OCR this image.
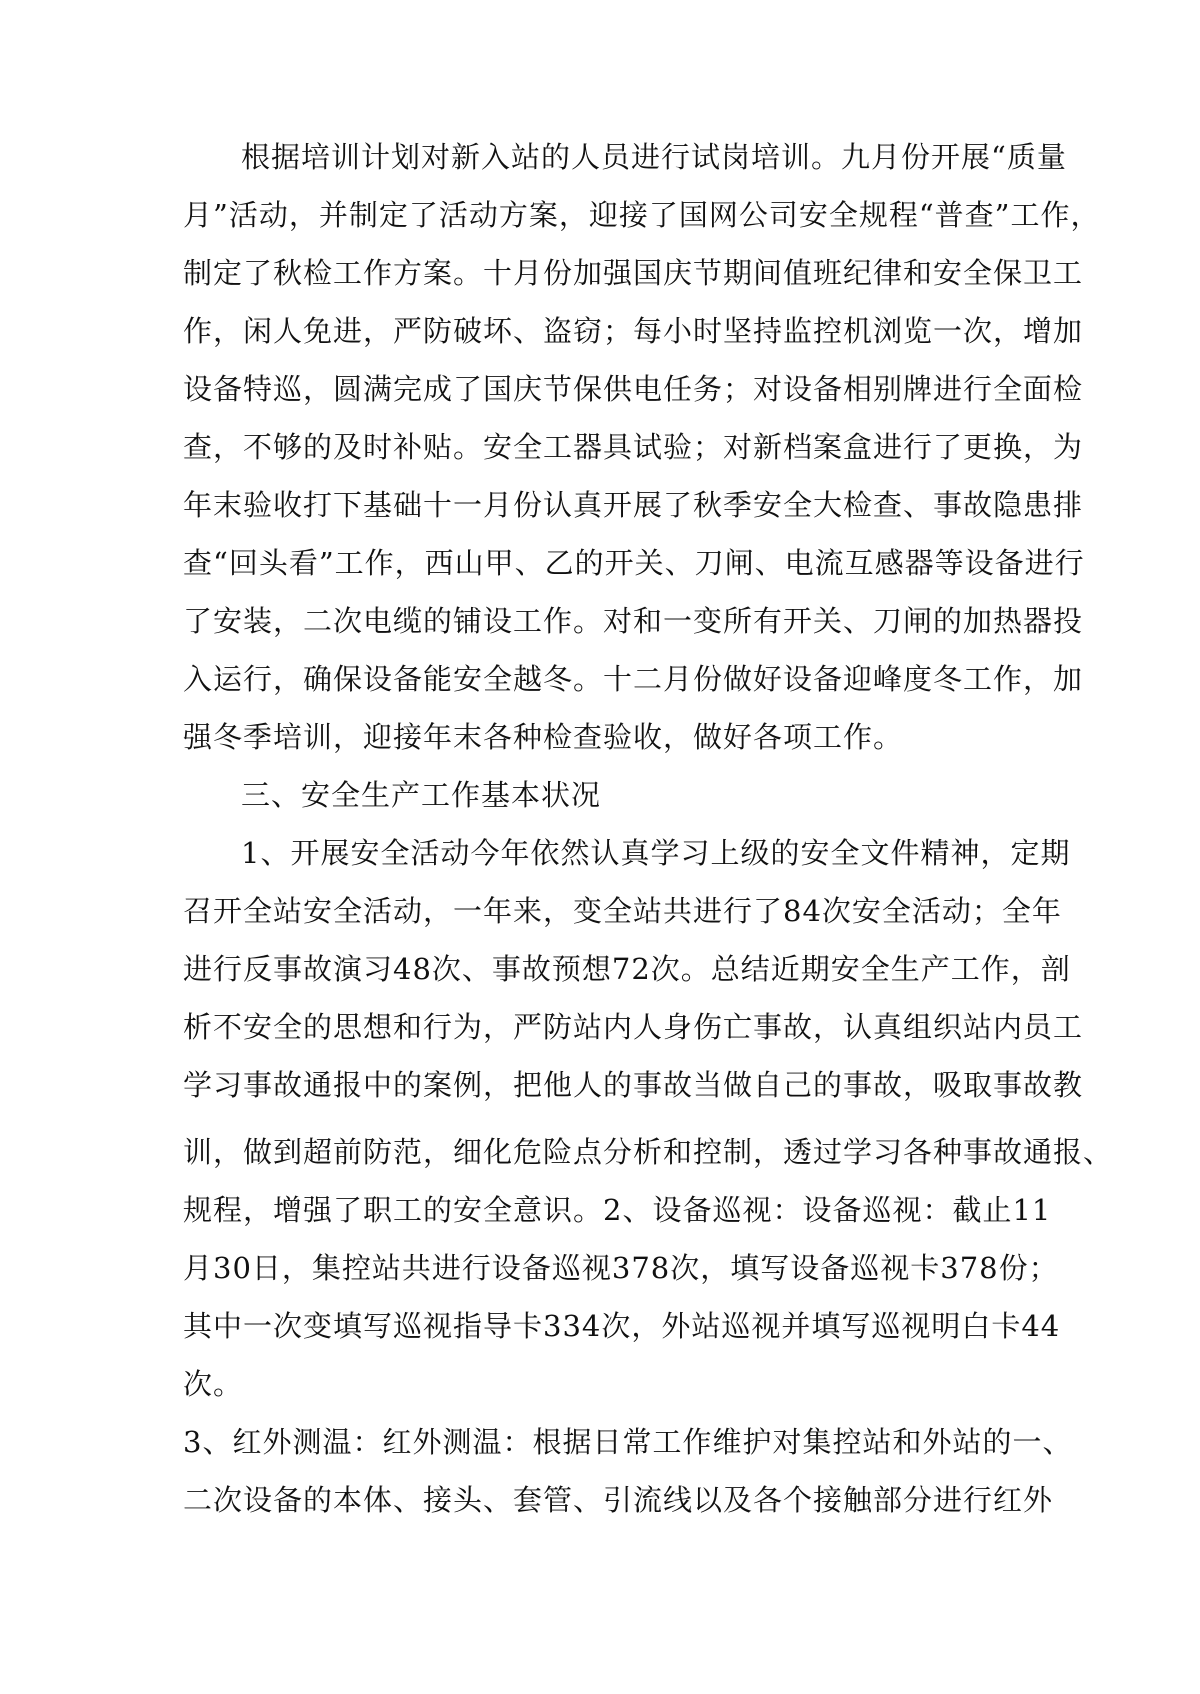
根据培训计划对新入站的人员进行试岗培训。九月份开展“质量

月”活动，并制定了活动方案，迎接了国网公司安全规程“普查”工作，

制定了秋检工作方案。十月份加强国庆节期间值班纪律和安全保卫工

作，闲人免进，严防破坏、盗窃；每小时坚持监控机浏览一次，增加

设备特巡，圆满完成了国庆节保供电任务；对设备相别牌进行全面检

查，不够的及时补贴。安全工器具试验；对新档案盒进行了更换，为

年末验收打下基础十一月份认真开展了秋季安全大检查、事故隐患排

查“回头看”工作，西山甲、乙的开关、刀闸、电流互感器等设备进行

了安装，二次电缆的铺设工作。对和一变所有开关、刀闸的加热器投

入运行，确保设备能安全越冬。十二月份做好设备迎峰度冬工作，加

强冬季培训，迎接年末各种检查验收，做好各项工作。

三、安全生产工作基本状况

1、开展安全活动今年依然认真学习上级的安全文件精神，定期

召开全站安全活动，一年来，变全站共进行了84次安全活动；全年

进行反事故演习48次、事故预想72次。总结近期安全生产工作，剖

析不安全的思想和行为，严防站内人身伤亡事故，认真组织站内员工

学习事故通报中的案例，把他人的事故当做自己的事故，吸取事故教

训，做到超前防范，细化危险点分析和控制，透过学习各种事故通报、

规程，增强了职工的安全意识。2、设备巡视：设备巡视：截止11

月30日，集控站共进行设备巡视378次，填写设备巡视卡378份；

其中一次变填写巡视指导卡334次，外站巡视并填写巡视明白卡44

次。

3、红外测温：红外测温：根据日常工作维护对集控站和外站的一、

二次设备的本体、接头、套管、引流线以及各个接触部分进行红外
